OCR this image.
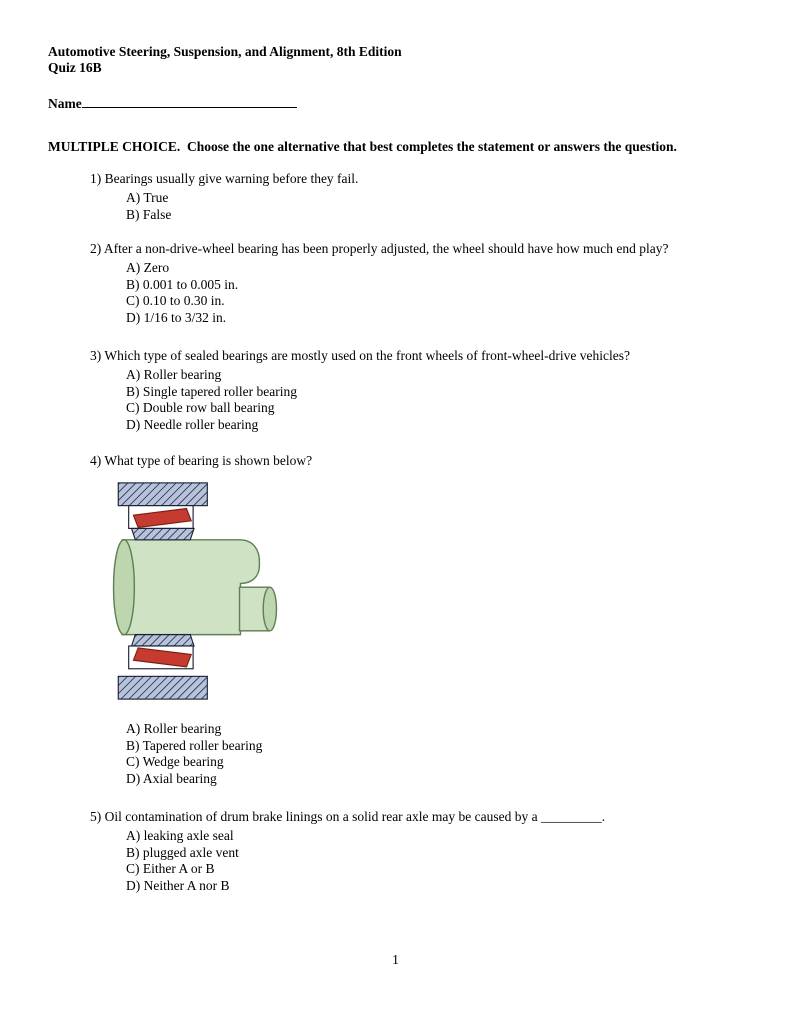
Automotive Steering, Suspension, and Alignment, 8th Edition
Quiz 16B
Name
MULTIPLE CHOICE.  Choose the one alternative that best completes the statement or answers the question.
1) Bearings usually give warning before they fail.
A) True
B) False
2) After a non-drive-wheel bearing has been properly adjusted, the wheel should have how much end play?
A) Zero
B) 0.001 to 0.005 in.
C) 0.10 to 0.30 in.
D) 1/16 to 3/32 in.
3) Which type of sealed bearings are mostly used on the front wheels of front-wheel-drive vehicles?
A) Roller bearing
B) Single tapered roller bearing
C) Double row ball bearing
D) Needle roller bearing
4) What type of bearing is shown below?
A) Roller bearing
B) Tapered roller bearing
C) Wedge bearing
D) Axial bearing
5) Oil contamination of drum brake linings on a solid rear axle may be caused by a _________.
A) leaking axle seal
B) plugged axle vent
C) Either A or B
D) Neither A nor B
1
